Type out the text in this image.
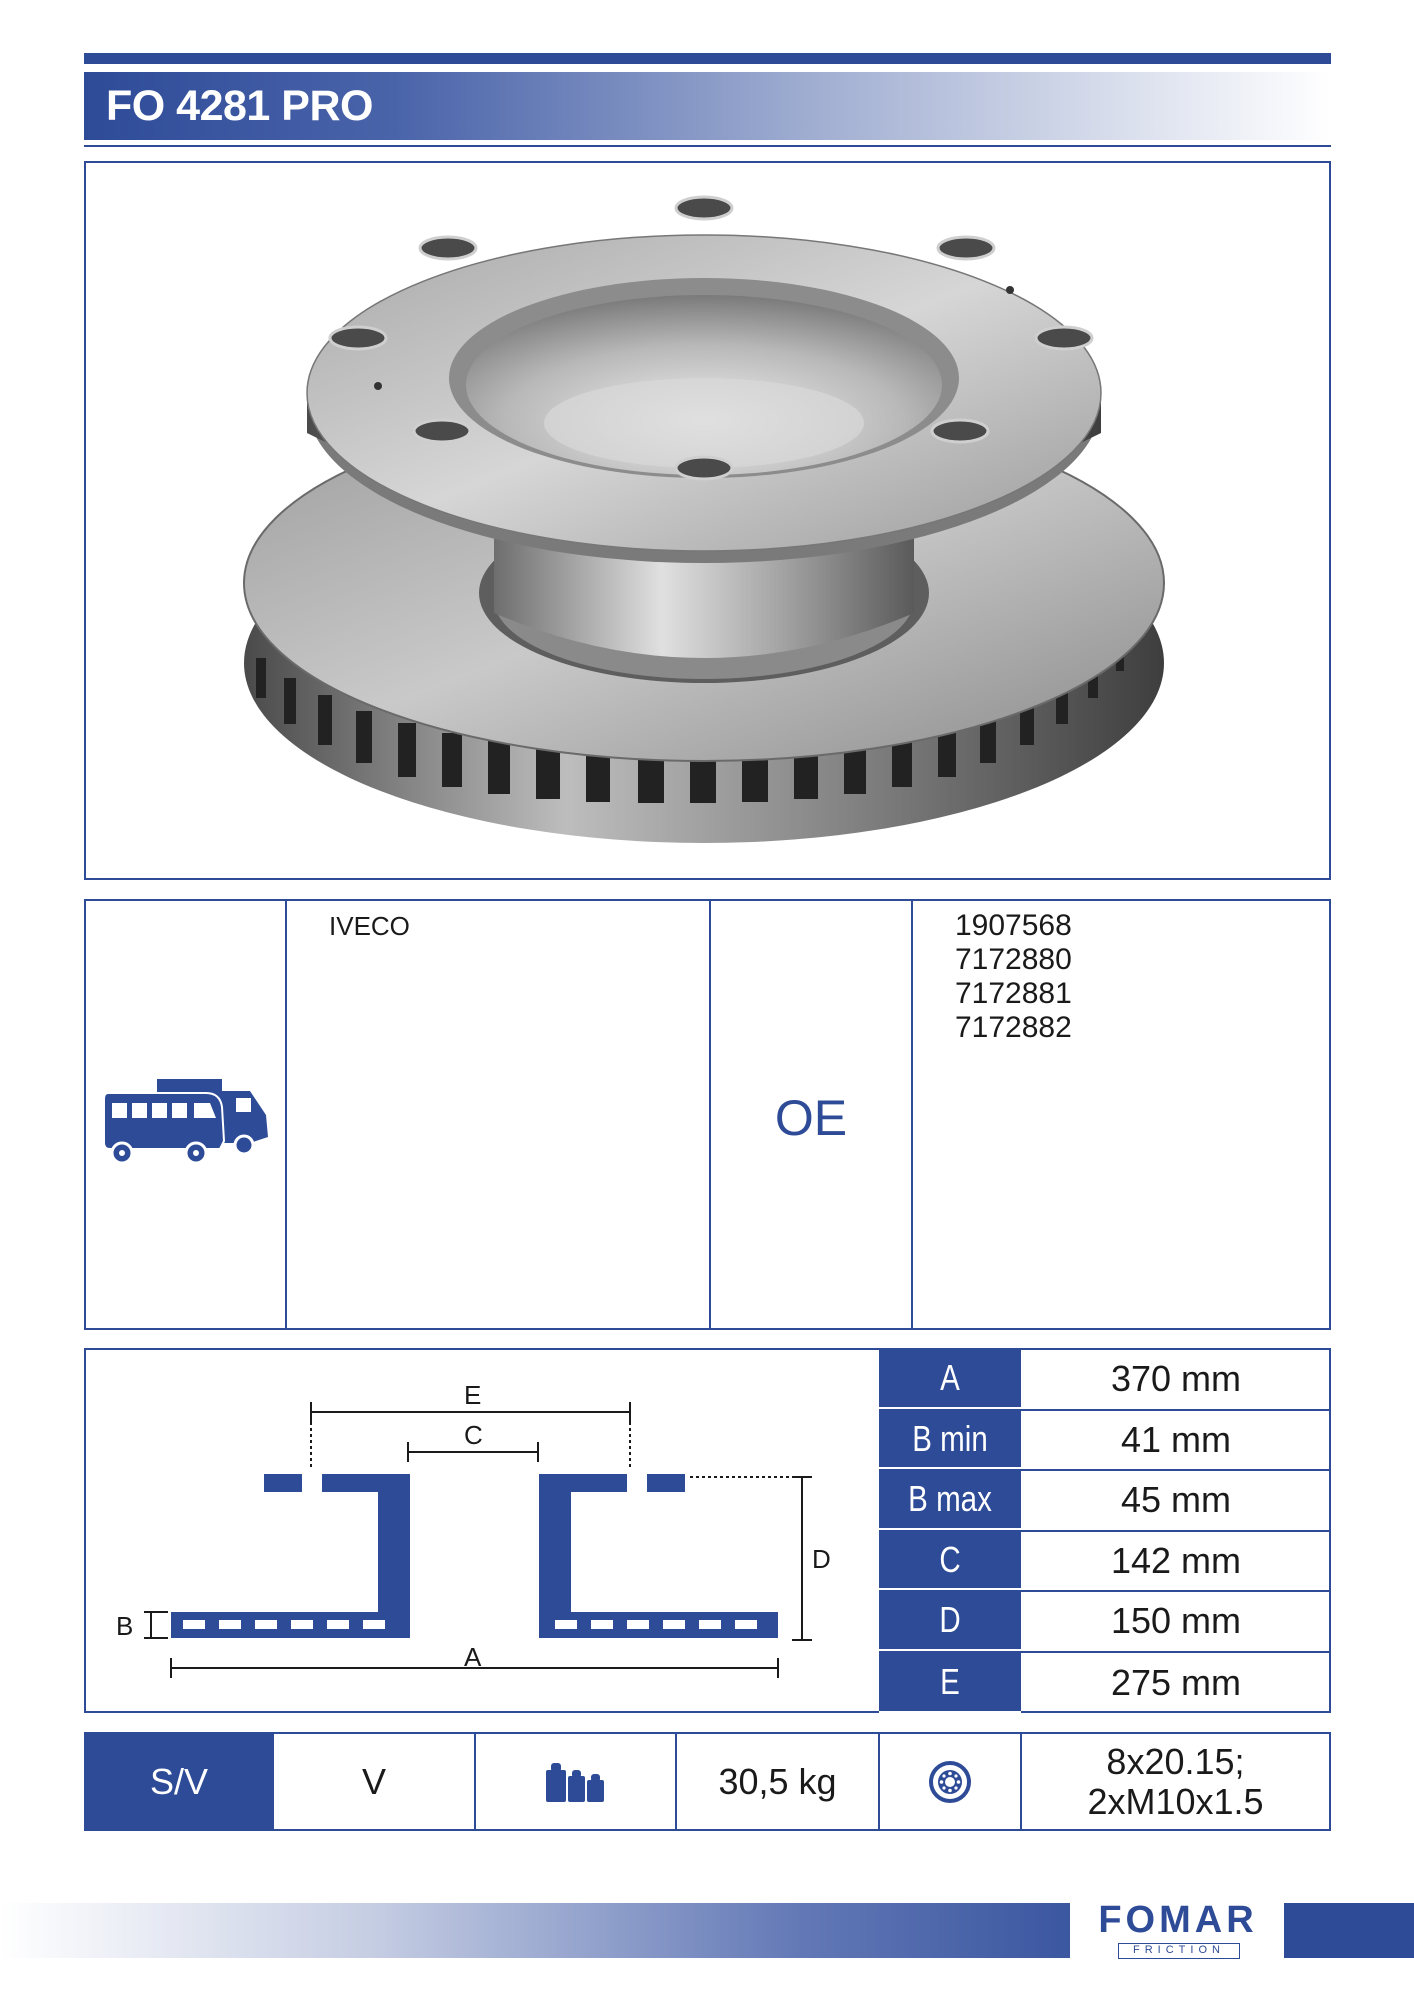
FO 4281 PRO
IVECO
OE
1907568
7172880
7172881
7172882
E
C
D
B
A
A	370 mm
B min	41 mm
B max	45 mm
C	142 mm
D	150 mm
E	275 mm
S/V	V	30,5 kg	8x20.15;
2xM10x1.5
FOMAR
FRICTION
